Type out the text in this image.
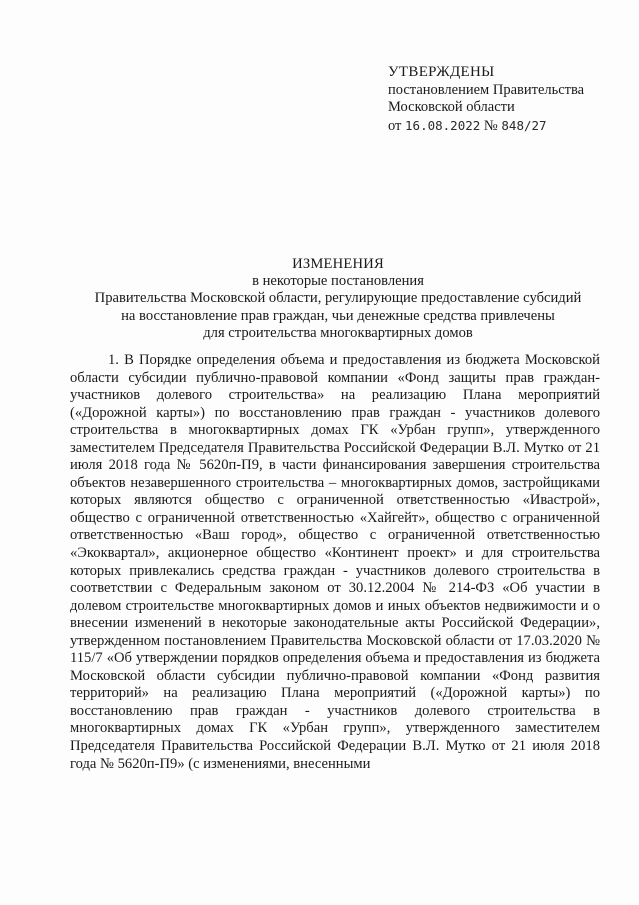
УТВЕРЖДЕНЫ
постановлением Правительства
Московской области
от 16.08.2022 № 848/27
ИЗМЕНЕНИЯ
в некоторые постановления
Правительства Московской области, регулирующие предоставление субсидий
на восстановление прав граждан, чьи денежные средства привлечены
для строительства многоквартирных домов
1. В Порядке определения объема и предоставления из бюджета Московской области субсидии публично-правовой компании «Фонд защиты прав граждан-участников долевого строительства» на реализацию Плана мероприятий («Дорожной карты») по восстановлению прав граждан - участников долевого строительства в многоквартирных домах ГК «Урбан групп», утвержденного заместителем Председателя Правительства Российской Федерации В.Л. Мутко от 21 июля 2018 года № 5620п-П9, в части финансирования завершения строительства объектов незавершенного строительства – многоквартирных домов, застройщиками которых являются общество с ограниченной ответственностью «Ивастрой», общество с ограниченной ответственностью «Хайгейт», общество с ограниченной ответственностью «Ваш город», общество с ограниченной ответственностью «Экоквартал», акционерное общество «Континент проект» и для строительства которых привлекались средства граждан - участников долевого строительства в соответствии с Федеральным законом от 30.12.2004 № 214-ФЗ «Об участии в долевом строительстве многоквартирных домов и иных объектов недвижимости и о внесении изменений в некоторые законодательные акты Российской Федерации», утвержденном постановлением Правительства Московской области от 17.03.2020 № 115/7 «Об утверждении порядков определения объема и предоставления из бюджета Московской области субсидии публично-правовой компании «Фонд развития территорий» на реализацию Плана мероприятий («Дорожной карты») по восстановлению прав граждан - участников долевого строительства в многоквартирных домах ГК «Урбан групп», утвержденного заместителем Председателя Правительства Российской Федерации В.Л. Мутко от 21 июля 2018 года № 5620п-П9» (с изменениями, внесенными
